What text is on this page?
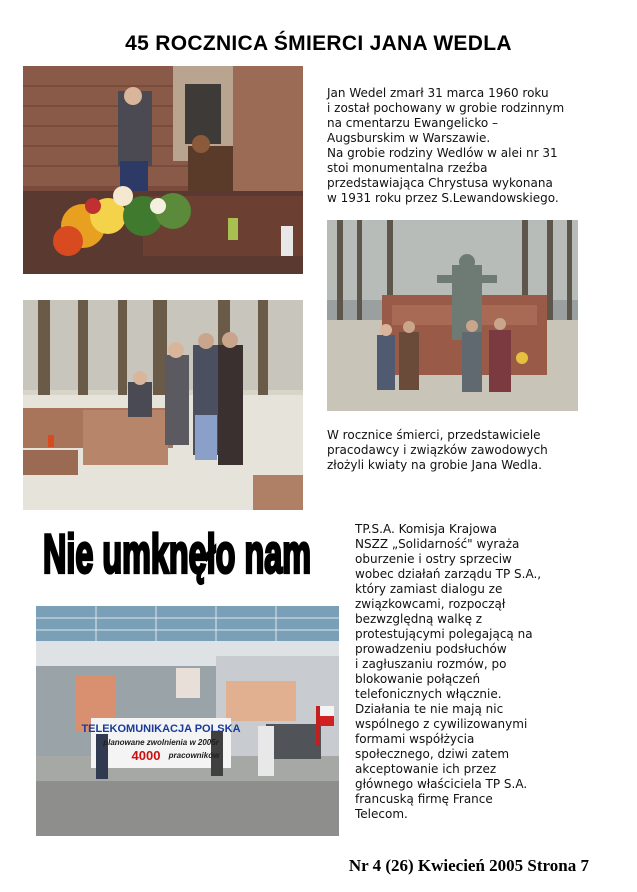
45 ROCZNICA ŚMIERCI JANA WEDLA
Jan Wedel zmarł 31 marca 1960 roku
i został pochowany w grobie rodzinnym
na cmentarzu Ewangelicko –
Augsburskim w Warszawie.
Na grobie rodziny Wedlów w alei nr 31
stoi monumentalna rzeźba
przedstawiająca Chrystusa wykonana
w 1931 roku przez S.Lewandowskiego.
W rocznice śmierci, przedstawiciele
pracodawcy i związków zawodowych
złożyli kwiaty na grobie Jana Wedla.
Nie umknęło nam
TELEKOMUNIKACJA POLSKA
planowane zwolnienia w 2005r
4000 pracowników
TP.S.A. Komisja Krajowa
NSZZ „Solidarność" wyraża
oburzenie i ostry sprzeciw
wobec działań zarządu TP S.A.,
który zamiast dialogu ze
związkowcami, rozpoczął
bezwzględną walkę z
protestującymi polegającą na
prowadzeniu podsłuchów
i zagłuszaniu rozmów, po
blokowanie połączeń
telefonicznych włącznie.
Działania te nie mają nic
wspólnego z cywilizowanymi
formami współżycia
społecznego, dziwi zatem
akceptowanie ich przez
głównego właściciela TP S.A.
francuską firmę France
Telecom.
Nr 4 (26) Kwiecień 2005 Strona 7
